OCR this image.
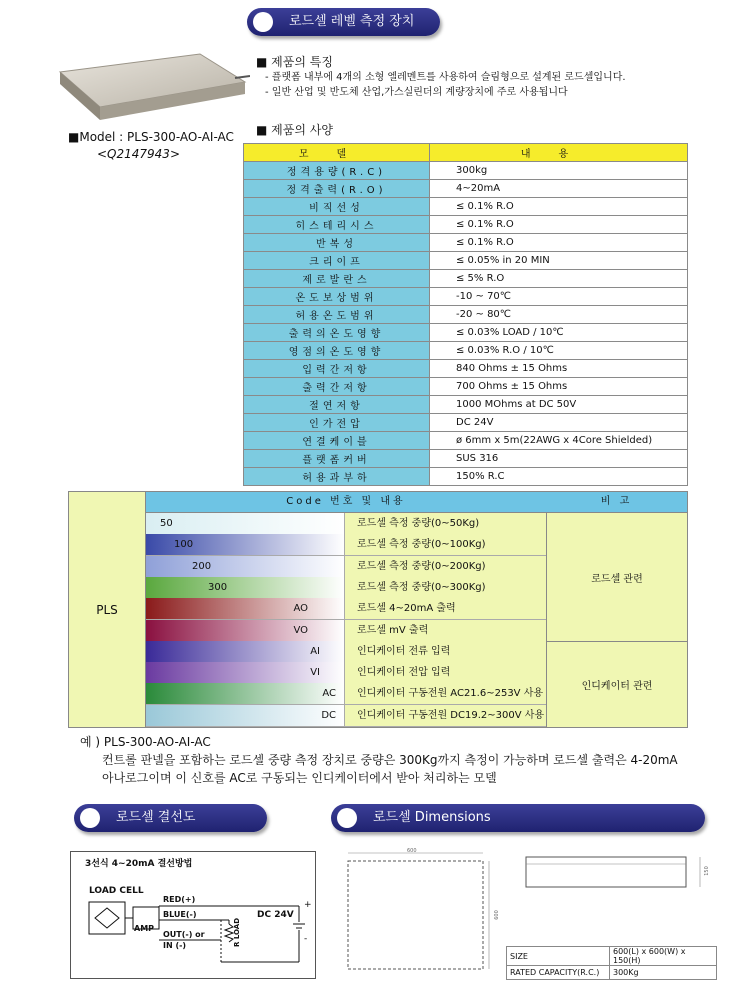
로드셀 레벨 측정 장치
■Model : PLS-300-AO-AI-AC
<Q2147943>
■ 제품의 특징
- 플랫폼 내부에 4개의 소형 엘레멘트를 사용하여 슬림형으로 설계된 로드셀입니다.
- 일반 산업 및 반도체 산업,가스실린더의 계량장치에 주로 사용됩니다
■ 제품의 사양
모델	내용
정격용량(R.C)	300kg
정격출력(R.O)	4~20mA
비직선성	≤ 0.1% R.O
히스테리시스	≤ 0.1% R.O
반복성	≤ 0.1% R.O
크리이프	≤ 0.05% in 20 MIN
제로발란스	≤ 5% R.O
온도보상범위	-10 ~ 70℃
허용온도범위	-20 ~ 80℃
출력의온도영향	≤ 0.03% LOAD / 10℃
영점의온도영향	≤ 0.03% R.O / 10℃
입력간저항	840 Ohms ± 15 Ohms
출력간저항	700 Ohms ± 15 Ohms
절연저항	1000 MOhms at DC 50V
인가전압	DC 24V
연결케이블	ø 6mm x 5m(22AWG x 4Core Shielded)
플랫폼커버	SUS 316
허용과부하	150% R.C
Code 번호 및 내용	비 고
PLS
50	로드셀 측정 중량(0~50Kg)
100	로드셀 측정 중량(0~100Kg)
200	로드셀 측정 중량(0~200Kg)
300	로드셀 측정 중량(0~300Kg)
AO	로드셀 4~20mA 출력
VO	로드셀 mV 출력
AI	인디케이터 전류 입력
VI	인디케이터 전압 입력
AC	인디케이터 구동전원 AC21.6~253V 사용
DC	인디케이터 구동전원 DC19.2~300V 사용
로드셀 관련
인디케이터 관련
예 ) PLS-300-AO-AI-AC
컨트롤 판넬을 포함하는 로드셀 중량 측정 장치로 중량은 300Kg까지 측정이 가능하며 로드셀 출력은 4-20mA
아나로그이며 이 신호를 AC로 구동되는 인디케이터에서 받아 처리하는 모델
로드셀 결선도	로드셀 Dimensions
3선식 4~20mA 결선방법
LOAD CELL
AMP
RED(+)
BLUE(-)
OUT(-) or
IN (-)
DC 24V
R LOAD
+
-
600
600
150
SIZE	600(L) x 600(W) x 150(H)
RATED CAPACITY(R.C.)	300Kg
